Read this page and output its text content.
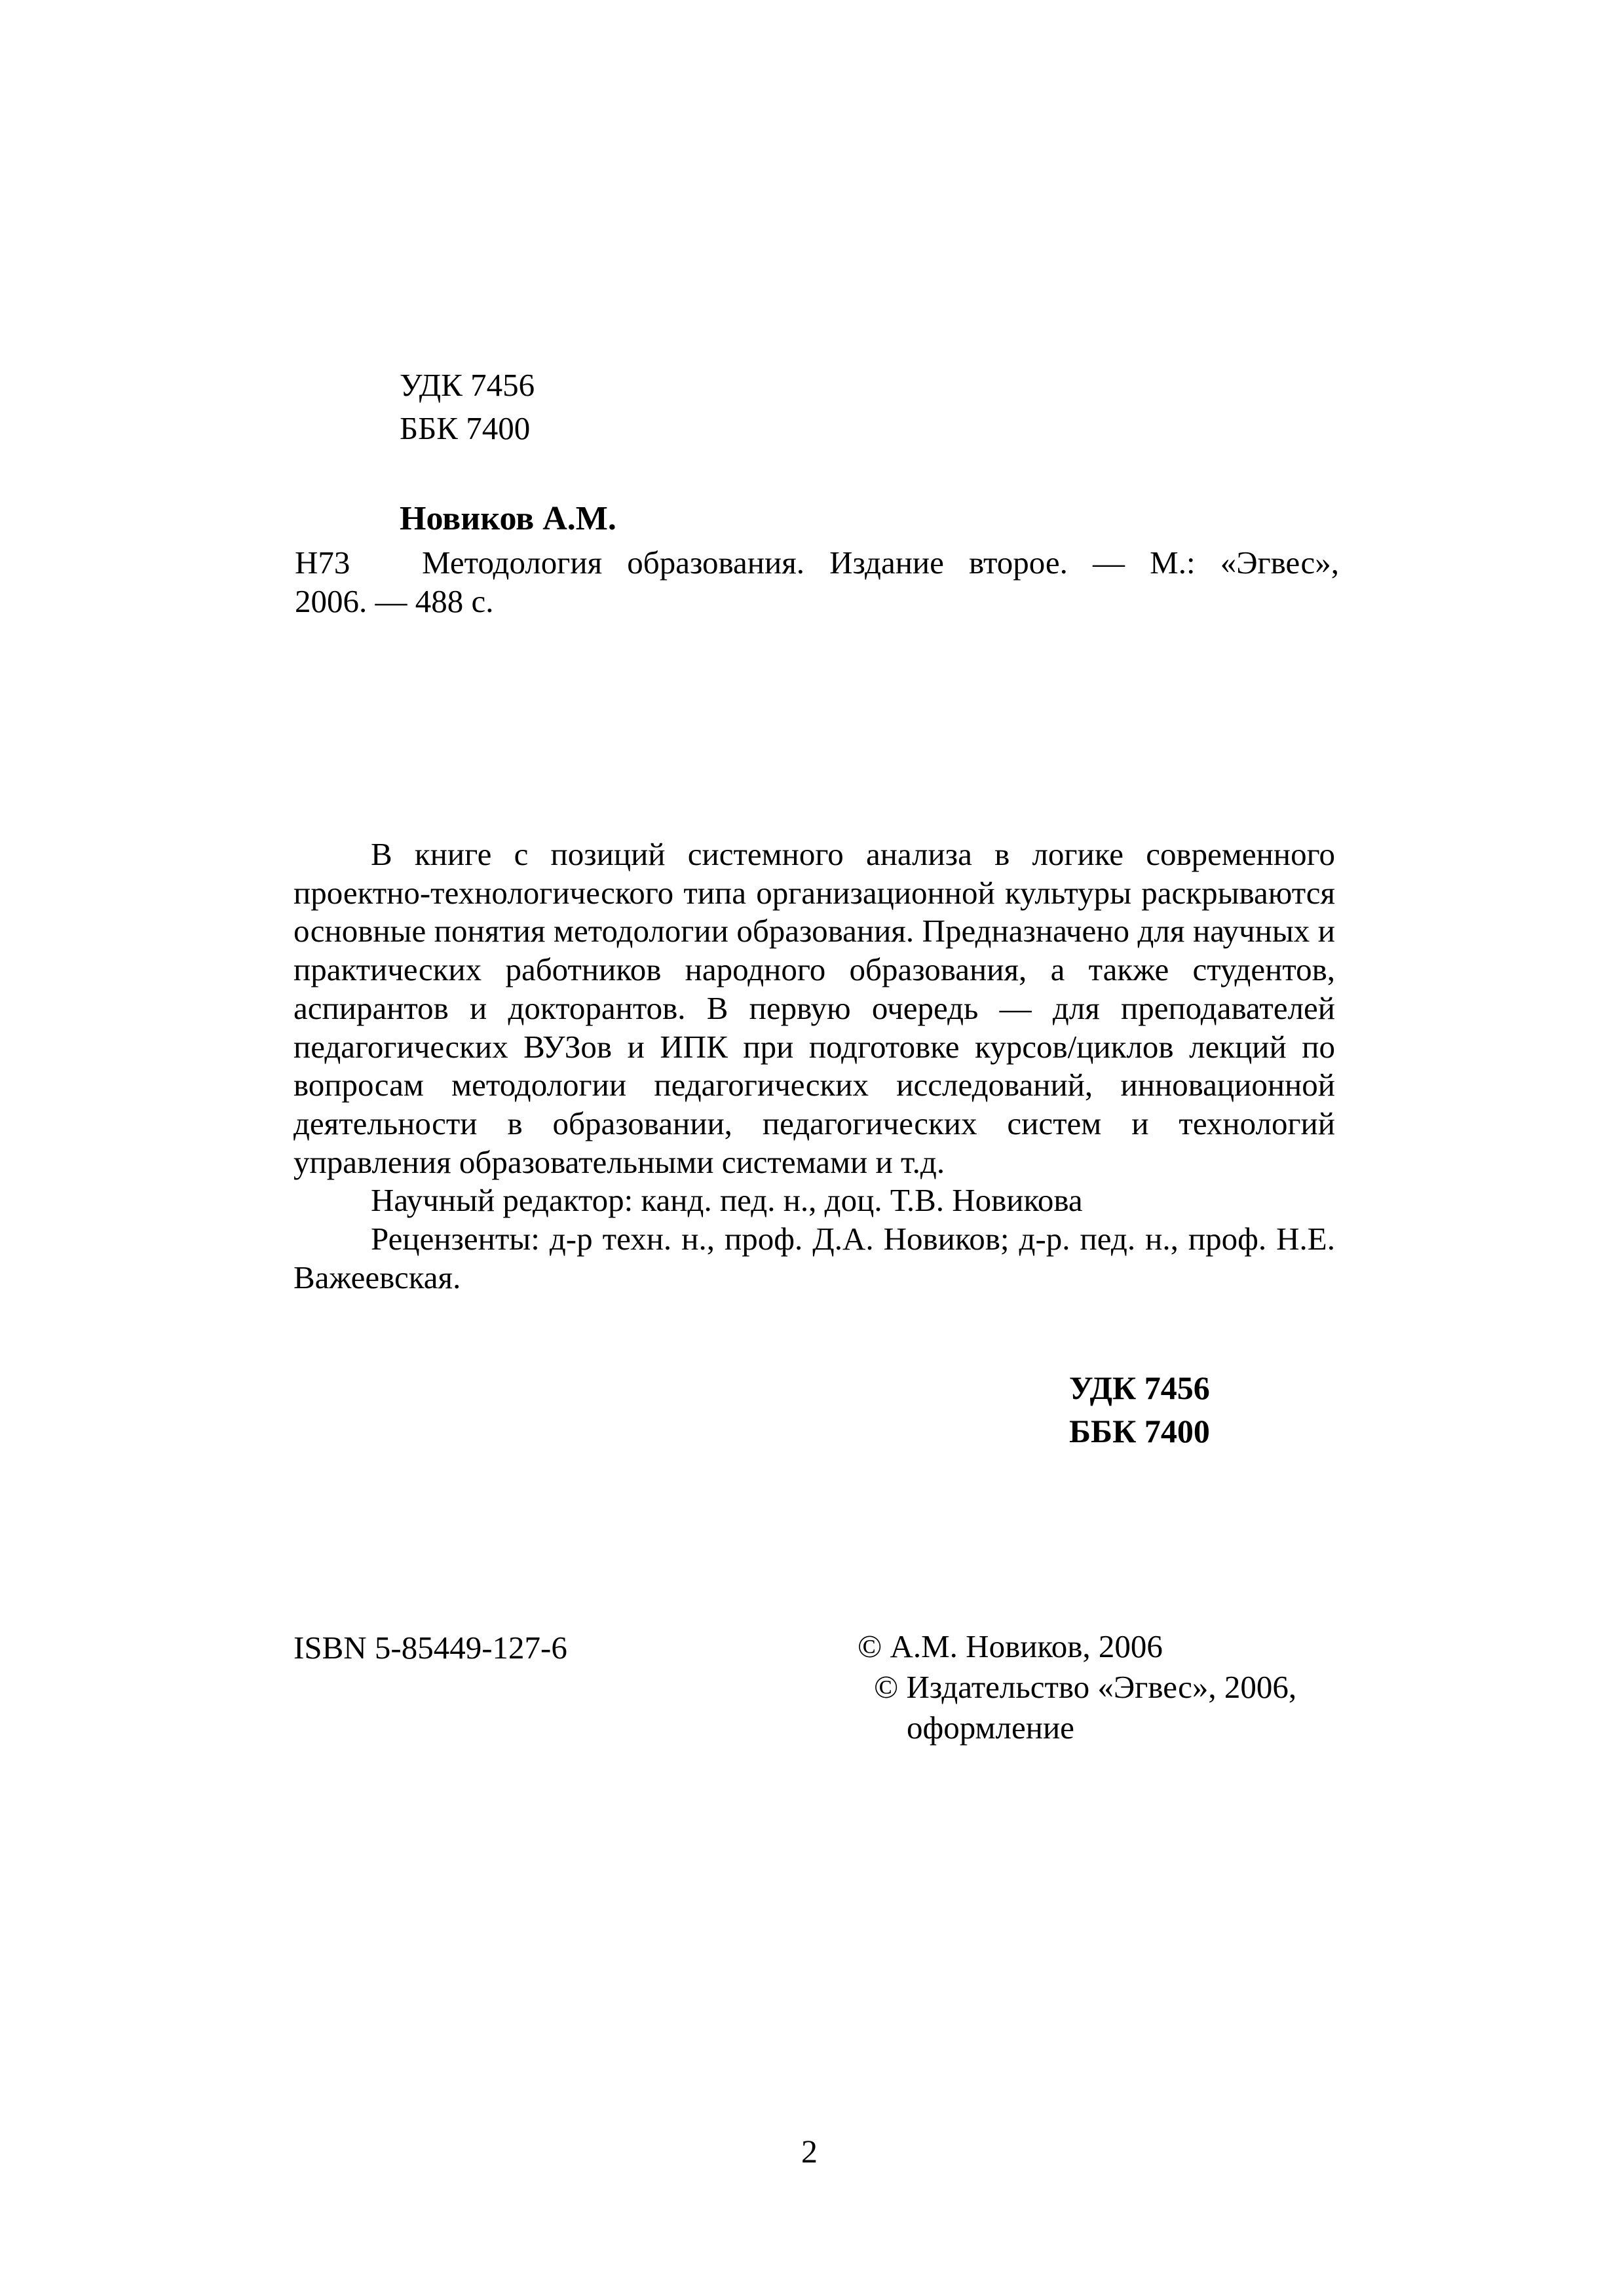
УДК 7456
ББК 7400
Новиков А.М.
Н73 Методология образования. Издание второе. — М.: «Эгвес»,
2006. — 488 с.

В книге с позиций системного анализа в логике современного проектно-технологического типа организационной культуры раскрываются основные понятия методологии образования. Предназначено для научных и практических работников народного образования, а также студентов, аспирантов и докторантов. В первую очередь — для преподавателей педагогических ВУЗов и ИПК при подготовке курсов/циклов лекций по вопросам методологии педагогических исследований, инновационной деятельности в образовании, педагогических систем и технологий управления образовательными системами и т.д.

Научный редактор: канд. пед. н., доц. Т.В. Новикова

Рецензенты: д-р техн. н., проф. Д.А. Новиков; д-р. пед. н., проф. Н.Е. Важеевская.

УДК 7456
ББК 7400
ISBN 5-85449-127-6	© А.М. Новиков, 2006
© Издательство «Эгвес», 2006,
оформление
2
